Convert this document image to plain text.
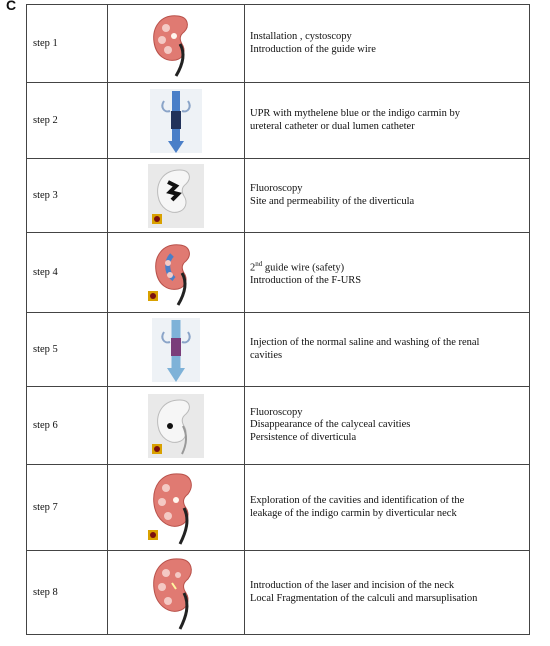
C
step 1		Installation , cystoscopy
Introduction of the guide wire

step 2		UPR with mythelene blue or the indigo carmin by
ureteral catheter or dual lumen catheter

step 3		Fluoroscopy
Site and permeability of the diverticula

step 4		2nd guide wire (safety)
Introduction of the F-URS

step 5		Injection of the normal saline and washing of the renal
cavities

step 6		Fluoroscopy
Disappearance of the calyceal cavities
Persistence of diverticula

step 7		Exploration of the cavities and identification of the
leakage of the indigo carmin by diverticular neck

step 8		Introduction of the laser and incision of the neck
Local Fragmentation of the calculi and marsuplisation
